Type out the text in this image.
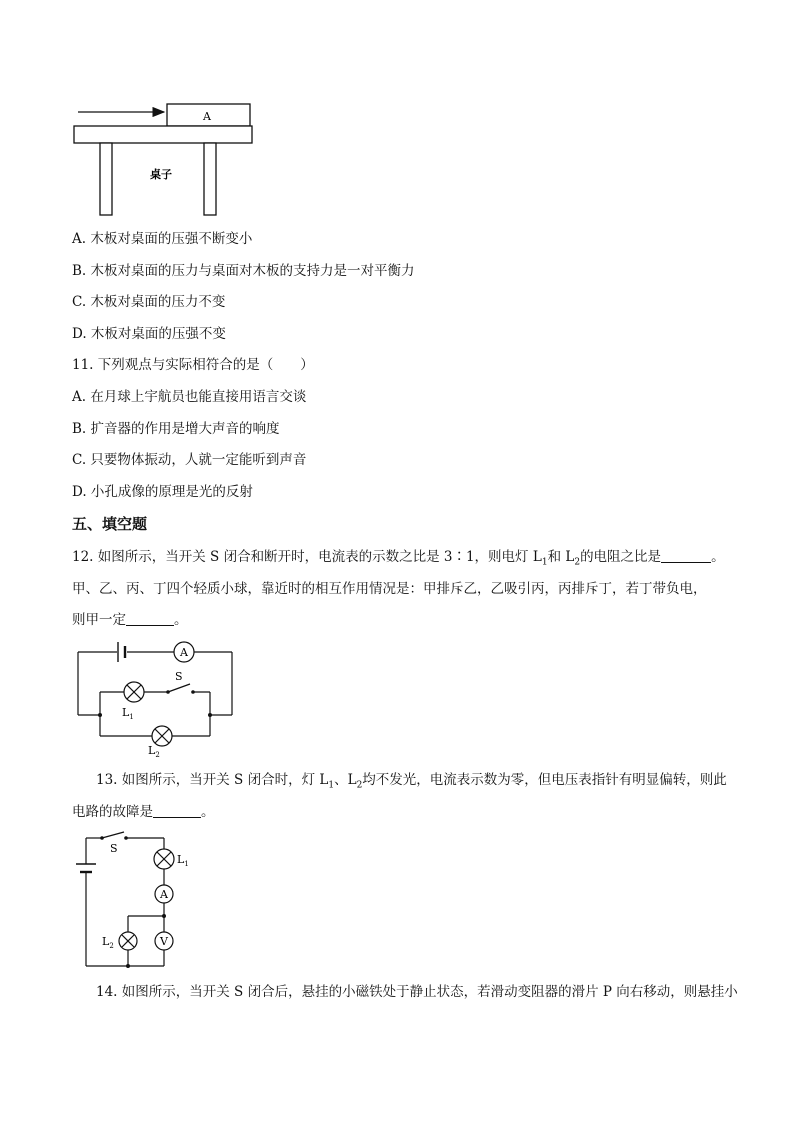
A
桌子
A. 木板对桌面的压强不断变小
B. 木板对桌面的压力与桌面对木板的支持力是一对平衡力
C. 木板对桌面的压力不变
D. 木板对桌面的压强不变
11. 下列观点与实际相符合的是（　　）
A. 在月球上宇航员也能直接用语言交谈
B. 扩音器的作用是增大声音的响度
C. 只要物体振动，人就一定能听到声音
D. 小孔成像的原理是光的反射
五、填空题
12. 如图所示，当开关 S 闭合和断开时，电流表的示数之比是 3∶1，则电灯 $L_1$和 $L_2$的电阻之比是	。
甲、乙、丙、丁四个轻质小球，靠近时的相互作用情况是：甲排斥乙，乙吸引丙，丙排斥丁，若丁带负电，
则甲一定	。
A
S
$L_1$
$L_2$
13. 如图所示，当开关 S 闭合时，灯 $L_1$、$L_2$均不发光，电流表示数为零，但电压表指针有明显偏转，则此
电路的故障是	。
S
$L_1$
A
$L_2$	V
14. 如图所示，当开关 S 闭合后，悬挂的小磁铁处于静止状态，若滑动变阻器的滑片 P 向右移动，则悬挂小
